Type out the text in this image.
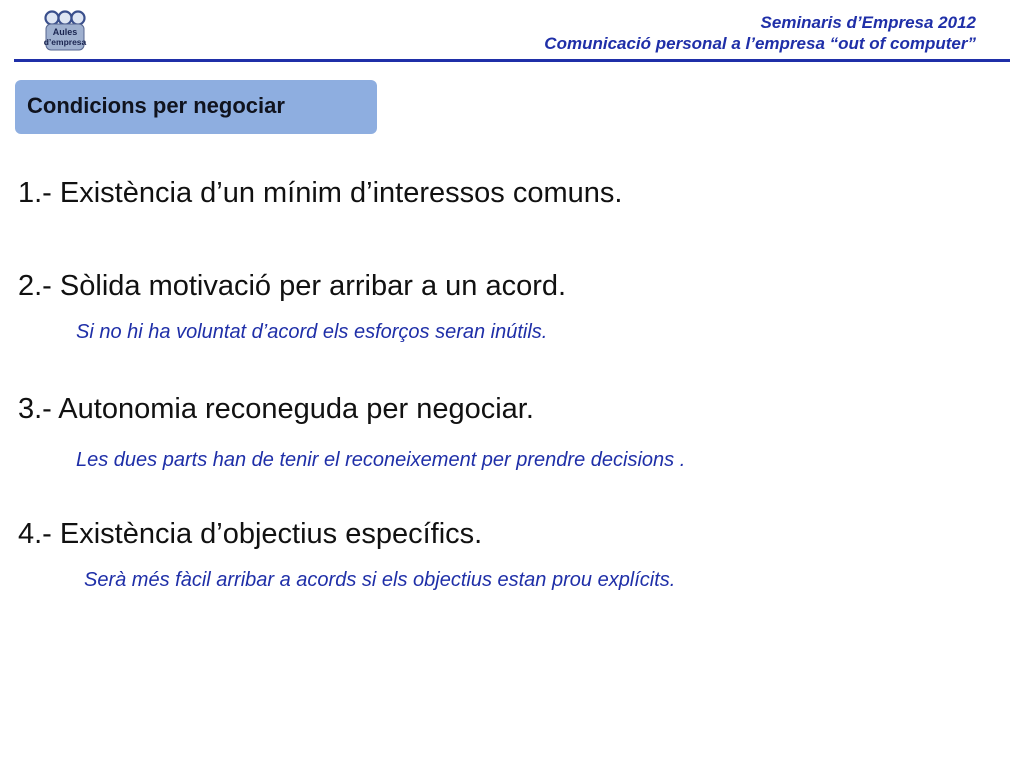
Aules
d’empresa
Seminaris d’Empresa 2012
Comunicació personal a l’empresa “out of computer”
Condicions per negociar
1.- Existència d’un mínim d’interessos comuns.
2.- Sòlida motivació per arribar a un acord.
Si no hi ha voluntat d’acord els esforços seran inútils.
3.- Autonomia reconeguda per negociar.
Les dues parts han de tenir el reconeixement per prendre decisions .
4.- Existència d’objectius específics.
Serà més fàcil arribar a acords si els objectius estan prou explícits.
